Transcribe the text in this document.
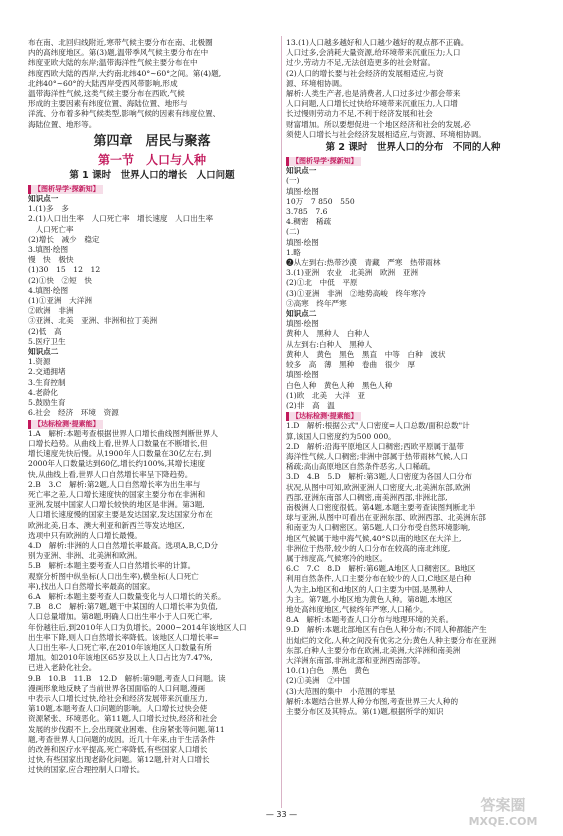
布在南、北回归线附近,寒带气候主要分布在南、北极圈
内的高纬度地区。第(3)题,温带季风气候主要分布在中
纬度亚欧大陆的东岸;温带海洋性气候主要分布在中
纬度西欧大陆的西岸,大约南北纬40°~60°之间。第(4)题,
北纬40°~60°的大陆西岸受西风带影响,形成
温带海洋性气候,这类气候主要分布在西欧,气候
形成的主要因素有纬度位置、海陆位置、地形与
洋流、分布着多种气候类型,影响气候的因素有纬度位置、
海陆位置、地形等。
第四章　居民与聚落
第一节　人口与人种
第 1 课时　世界人口的增长　人口问题
【图析导学·探新知】
知识点一
1.(1)多　多
2.(1)人口出生率　人口死亡率　增长速度　人口出生率
　人口死亡率
(2)增长　减少　稳定
3.填图·绘图
慢　快　极快
(1)30　15　12　12
(2)①快　②短　快
4.填图·绘图
(1)①亚洲　大洋洲
②欧洲　非洲
③亚洲、北美　亚洲、非洲和拉丁美洲
(2)低　高
5.医疗卫生
知识点二
1.资源
2.交通拥堵
3.生育控制
4.老龄化
5.鼓励生育
6.社会　经济　环境　资源
【达标检测·提素能】
1.A　解析:本题考查根据世界人口增长曲线图判断世界人
口增长趋势。从曲线上看,世界人口数量在不断增长,但
增长速度先快后慢。从1900年人口数量在30亿左右,到
2000年人口数量达到60亿,增长约100%,其增长速度
快,从曲线上看,世界人口自然增长率呈下降趋势。
2.B　3.C　解析:第2题,人口自然增长率为出生率与
死亡率之差,人口增长速度快的国家主要分布在非洲和
亚洲,发展中国家人口增长较快的地区是非洲。第3题,
人口增长速度慢的国家主要是发达国家,发达国家分布在
欧洲北美,日本、澳大利亚和新西兰等发达地区,
选项中只有欧洲的人口增长最慢。
4.D　解析:非洲的人口自然增长率最高。选项A,B,C,D分
别为亚洲、非洲、北美洲和欧洲。
5.B　解析:本题主要考查人口自然增长率的计算。
观察分析图中纵坐标(人口出生率),横坐标(人口死亡
率),找出人口自然增长率最高的国家。
6.A　解析:本题主要考查人口数量变化与人口增长的关系。
7.B　8.C　解析:第7题,题干中某国的人口增长率为负值,
人口总量增加。第8题,明确人口出生率小于人口死亡率,
年份越往后,到2010年人口为负增长。2000~2014年该地区人口
出生率下降,则人口自然增长率降低。该地区人口增长率=
人口出生率-人口死亡率,在2010年该地区人口数量有所
增加。如2010年该地区65岁及以上人口占比为7.47%,
已进入老龄化社会。
9.B　10.B　11.B　12.D　解析:第9题,考查人口问题。读
漫画形象地反映了当前世界各国面临的人口问题,漫画
中表示人口增长过快,给社会和经济发展带来沉重压力,
第10题,本题考查人口问题的影响。人口增长过快会使
资源紧张、环境恶化。第11题,人口增长过快,经济和社会
发展的步伐跟不上,会出现就业困难、住房紧张等问题,第11
题,考查世界人口问题的成因。近几十年来,由于生活条件
的改善和医疗水平提高,死亡率降低,有些国家人口增长
过快,有些国家出现老龄化问题。第12题,针对人口增长
过快的国家,应合理控制人口增长。
13.(1)人口越多越好和人口越少越好的观点都不正确。
人口过多,会消耗大量资源,给环境带来沉重压力;人口
过少,劳动力不足,无法创造更多的社会财富。
(2)人口的增长要与社会经济的发展相适应,与资
源、环境相协调。
解析:人类生产者,也是消费者,人口过多过少都会带来
人口问题,人口增长过快给环境带来沉重压力,人口增
长过慢则劳动力不足,不利于经济发展和社会
财富增加。所以要想促进一个地区经济和社会的发展,必
须使人口增长与社会经济发展相适应,与资源、环境相协调。
第 2 课时　世界人口的分布　不同的人种
【图析导学·探新知】
知识点一
(一)
填图·绘图
10万　7 850　550
3.785　7.6
4.稠密　稀疏
(二)
填图·绘图
1.略
❷从左到右:热带沙漠　青藏　严寒　热带雨林
3.(1)亚洲　农业　北美洲　欧洲　亚洲
(2)①北　中低　平原
(3)①亚洲　非洲　②地势高峻　终年寒冷
③高寒　终年严寒
知识点二
填图·绘图
黄种人　黑种人　白种人
从左到右:白种人　黑种人
黄种人　黄色　黑色　黑直　中等　白种　波状
较多　高　薄　黑种　卷曲　很少　厚
填图·绘图
白色人种　黄色人种　黑色人种
(1)欧　北美　大洋　亚
(2)非　高　温
【达标检测·提素能】
1.D　解析:根据公式"人口密度=人口总数/面积总数"计
算,该国人口密度约为500 000。
2.D　解析:沿海平原地区人口稠密;西欧平原属于温带
海洋性气候,人口稠密;非洲中部属于热带雨林气候,人口
稀疏;高山高原地区自然条件恶劣,人口稀疏。
3.D　4.B　5.D　解析:第3题,人口密度为各国人口分布
状况,从图中可知,欧洲亚洲人口密度大,北美洲东部,欧洲
西部,亚洲东南部人口稠密,南美洲西部,非洲北部,
南极洲人口密度很低。第4题,本题主要考查读图判断北半
球与亚洲,从图中可看出在亚洲东部、欧洲西部、北美洲东部
和南亚为人口稠密区。第5题,人口分布受自然环境影响,
地区气候属于地中海气候,40°S以南的地区在大洋上,
非洲位于热带,较少的人口分布在较高的南北纬度,
属于纬度高,气候寒冷的地区。
6.C　7.C　8.D　解析:第6题,A地区人口稠密区。B地区
利用自然条件,人口主要分布在较少的人口,C地区是白种
人为主,b地区和d地区的人口主要为中国,是黑种人
为主。第7题,小地区地为黄色人种。第8题,本地区
地处高纬度地区,气候终年严寒,人口稀少。
8.A　解析:本题考查人口分布与地理环境的关系。
9.D　解析:本题北部地区有白色人种分布;不同人种都能产生
出灿烂的文化,人种之间没有优劣之分;黄色人种主要分布在亚洲
东部,白种人主要分布在欧洲,北美洲,大洋洲和南美洲
大洋洲东南部,非洲北部和亚洲西南部等。
10.(1)白色　黑色　黄色
(2)①美洲　②中国
(3)大范围的集中　小范围的零星
解析:本题结合世界人种分布图,考查世界三大人种的
主要分布区及其特点。第(1)题,根据所学的知识
— 33 —
答案圈
MXQE.COM
